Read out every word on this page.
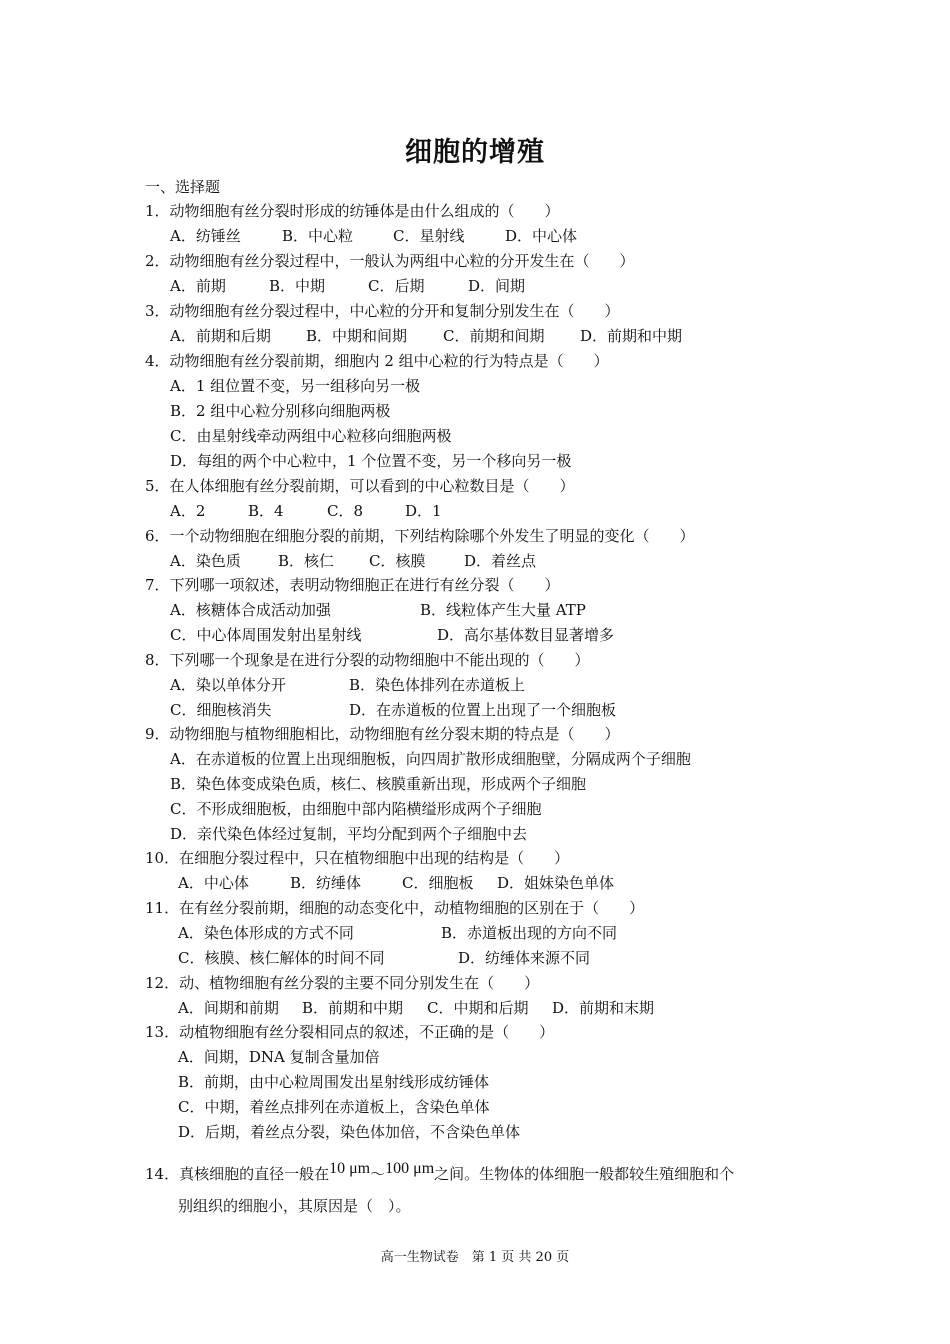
细胞的增殖
一、选择题
1．动物细胞有丝分裂时形成的纺锤体是由什么组成的（　　）
A．纺锤丝	B．中心粒	C．星射线	D．中心体
2．动物细胞有丝分裂过程中，一般认为两组中心粒的分开发生在（　　）
A．前期	B．中期	C．后期	D．间期
3．动物细胞有丝分裂过程中，中心粒的分开和复制分别发生在（　　）
A．前期和后期 B．中期和间期 C．前期和间期 D．前期和中期
4．动物细胞有丝分裂前期，细胞内 2 组中心粒的行为特点是（　　）
A．1 组位置不变，另一组移向另一极
B．2 组中心粒分别移向细胞两极
C．由星射线牵动两组中心粒移向细胞两极
D．每组的两个中心粒中，1 个位置不变，另一个移向另一极
5．在人体细胞有丝分裂前期，可以看到的中心粒数目是（　　）
A．2	B．4	C．8	D．1
6．一个动物细胞在细胞分裂的前期，下列结构除哪个外发生了明显的变化（　　）
A．染色质 B．核仁 C．核膜	D．着丝点
7．下列哪一项叙述，表明动物细胞正在进行有丝分裂（　　）
A．核糖体合成活动加强	B．线粒体产生大量 ATP
C．中心体周围发射出星射线	D．高尔基体数目显著增多
8．下列哪一个现象是在进行分裂的动物细胞中不能出现的（　　）
A．染以单体分开	B．染色体排列在赤道板上
C．细胞核消失	D．在赤道板的位置上出现了一个细胞板
9．动物细胞与植物细胞相比，动物细胞有丝分裂末期的特点是（　　）
A．在赤道板的位置上出现细胞板，向四周扩散形成细胞壁，分隔成两个子细胞
B．染色体变成染色质，核仁、核膜重新出现，形成两个子细胞
C．不形成细胞板，由细胞中部内陷横缢形成两个子细胞
D．亲代染色体经过复制，平均分配到两个子细胞中去
10．在细胞分裂过程中，只在植物细胞中出现的结构是（　　）
A．中心体	B．纺缍体	C．细胞板 D．姐妹染色单体
11．在有丝分裂前期，细胞的动态变化中，动植物细胞的区别在于（　　）
A．染色体形成的方式不同	B．赤道板出现的方向不同
C．核膜、核仁解体的时间不同	D．纺缍体来源不同
12．动、植物细胞有丝分裂的主要不同分别发生在（　　）
A．间期和前期 B．前期和中期 C．中期和后期 D．前期和末期
13．动植物细胞有丝分裂相同点的叙述，不正确的是（　　）
A．间期，DNA 复制含量加倍
B．前期，由中心粒周围发出星射线形成纺锤体
C．中期，着丝点排列在赤道板上，含染色单体
D．后期，着丝点分裂，染色体加倍，不含染色单体
14．真核细胞的直径一般在10 μm～100 μm之间。生物体的体细胞一般都较生殖细胞和个
别组织的细胞小，其原因是（　）。
高一生物试卷　第 1 页 共 20 页
